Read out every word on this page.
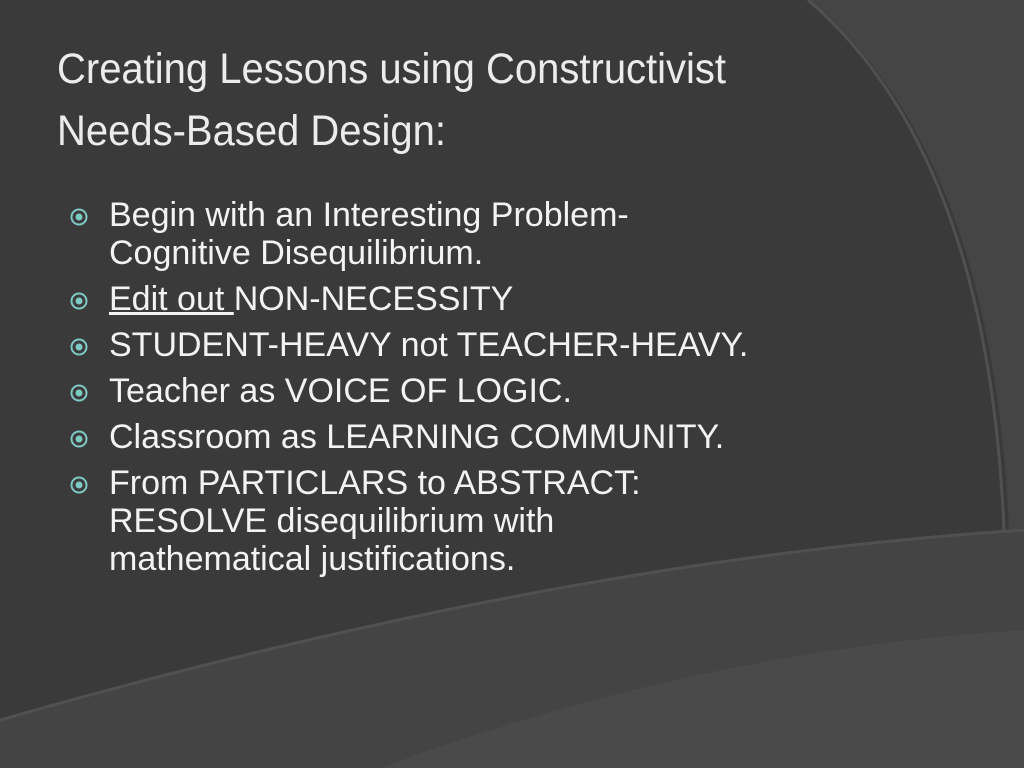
Creating Lessons using Constructivist
Needs-Based Design:
Begin with an Interesting Problem-
Cognitive Disequilibrium.
Edit out NON-NECESSITY
STUDENT-HEAVY not TEACHER-HEAVY.
Teacher as VOICE OF LOGIC.
Classroom as LEARNING COMMUNITY.
From PARTICLARS to ABSTRACT:
RESOLVE disequilibrium with
mathematical justifications.
